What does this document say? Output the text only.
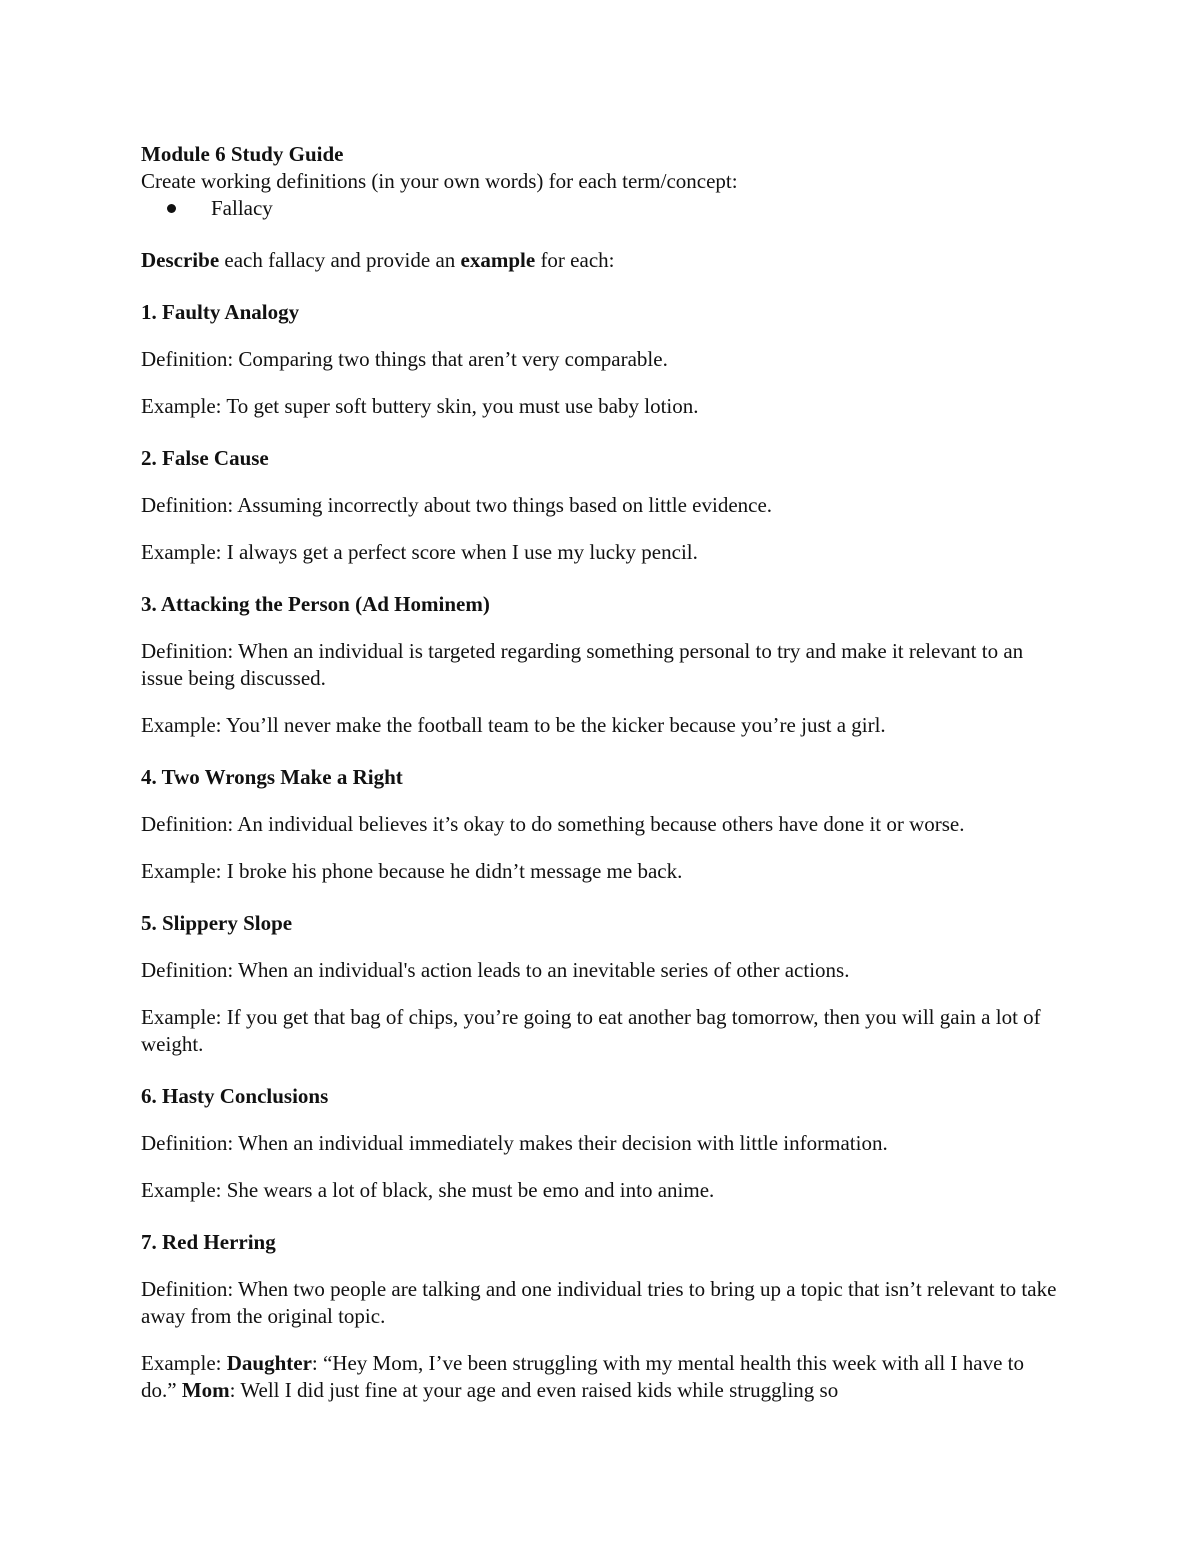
Module 6 Study Guide

Create working definitions (in your own words) for each term/concept:

Fallacy

Describe each fallacy and provide an example for each:

1. Faulty Analogy

Definition: Comparing two things that aren’t very comparable.

Example: To get super soft buttery skin, you must use baby lotion.

2. False Cause

Definition: Assuming incorrectly about two things based on little evidence.

Example: I always get a perfect score when I use my lucky pencil.

3. Attacking the Person (Ad Hominem)

Definition: When an individual is targeted regarding something personal to try and make it relevant to an issue being discussed.

Example: You’ll never make the football team to be the kicker because you’re just a girl.

4. Two Wrongs Make a Right

Definition: An individual believes it’s okay to do something because others have done it or worse.

Example: I broke his phone because he didn’t message me back.

5. Slippery Slope

Definition: When an individual's action leads to an inevitable series of other actions.

Example: If you get that bag of chips, you’re going to eat another bag tomorrow, then you will gain a lot of weight.

6. Hasty Conclusions

Definition: When an individual immediately makes their decision with little information.

Example: She wears a lot of black, she must be emo and into anime.

7. Red Herring

Definition: When two people are talking and one individual tries to bring up a topic that isn’t relevant to take away from the original topic.

Example: Daughter: “Hey Mom, I’ve been struggling with my mental health this week with all I have to do.” Mom: Well I did just fine at your age and even raised kids while struggling so
